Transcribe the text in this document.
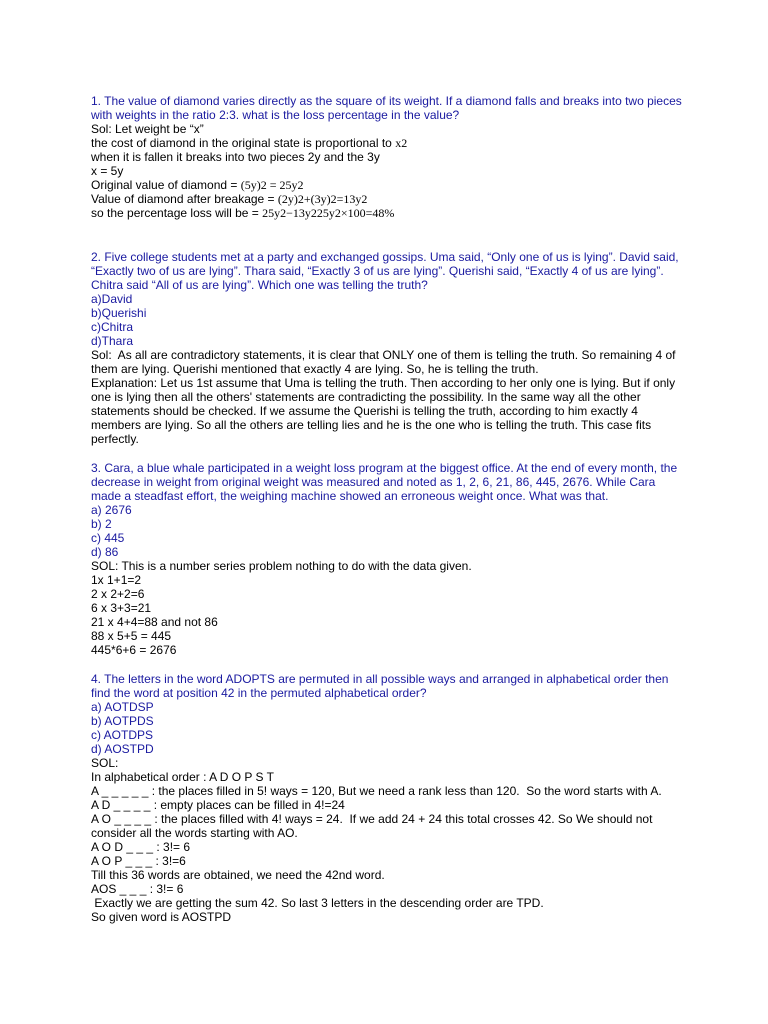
1. The value of diamond varies directly as the square of its weight. If a diamond falls and breaks into two pieces
with weights in the ratio 2:3. what is the loss percentage in the value?
Sol: Let weight be “x”
the cost of diamond in the original state is proportional to x2
when it is fallen it breaks into two pieces 2y and the 3y
x = 5y
Original value of diamond = (5y)2 = 25y2
Value of diamond after breakage = (2y)2+(3y)2=13y2
so the percentage loss will be = 25y2−13y225y2×100=48%
2. Five college students met at a party and exchanged gossips. Uma said, “Only one of us is lying”. David said,
“Exactly two of us are lying”. Thara said, “Exactly 3 of us are lying”. Querishi said, “Exactly 4 of us are lying”.
Chitra said “All of us are lying”. Which one was telling the truth?
a)David
b)Querishi
c)Chitra
d)Thara
Sol:  As all are contradictory statements, it is clear that ONLY one of them is telling the truth. So remaining 4 of
them are lying. Querishi mentioned that exactly 4 are lying. So, he is telling the truth.
Explanation: Let us 1st assume that Uma is telling the truth. Then according to her only one is lying. But if only
one is lying then all the others' statements are contradicting the possibility. In the same way all the other
statements should be checked. If we assume the Querishi is telling the truth, according to him exactly 4
members are lying. So all the others are telling lies and he is the one who is telling the truth. This case fits
perfectly.
3. Cara, a blue whale participated in a weight loss program at the biggest office. At the end of every month, the
decrease in weight from original weight was measured and noted as 1, 2, 6, 21, 86, 445, 2676. While Cara
made a steadfast effort, the weighing machine showed an erroneous weight once. What was that.
a) 2676
b) 2
c) 445
d) 86
SOL: This is a number series problem nothing to do with the data given.
1x 1+1=2
2 x 2+2=6
6 x 3+3=21
21 x 4+4=88 and not 86
88 x 5+5 = 445
445*6+6 = 2676
4. The letters in the word ADOPTS are permuted in all possible ways and arranged in alphabetical order then
find the word at position 42 in the permuted alphabetical order?
a) AOTDSP
b) AOTPDS
c) AOTDPS
d) AOSTPD
SOL:
In alphabetical order : A D O P S T
A _ _ _ _ _ : the places filled in 5! ways = 120, But we need a rank less than 120.  So the word starts with A.
A D _ _ _ _ : empty places can be filled in 4!=24
A O _ _ _ _ : the places filled with 4! ways = 24.  If we add 24 + 24 this total crosses 42. So We should not
consider all the words starting with AO.
A O D _ _ _ : 3!= 6
A O P _ _ _ : 3!=6
Till this 36 words are obtained, we need the 42nd word.
AOS _ _ _ : 3!= 6
Exactly we are getting the sum 42. So last 3 letters in the descending order are TPD.
So given word is AOSTPD
